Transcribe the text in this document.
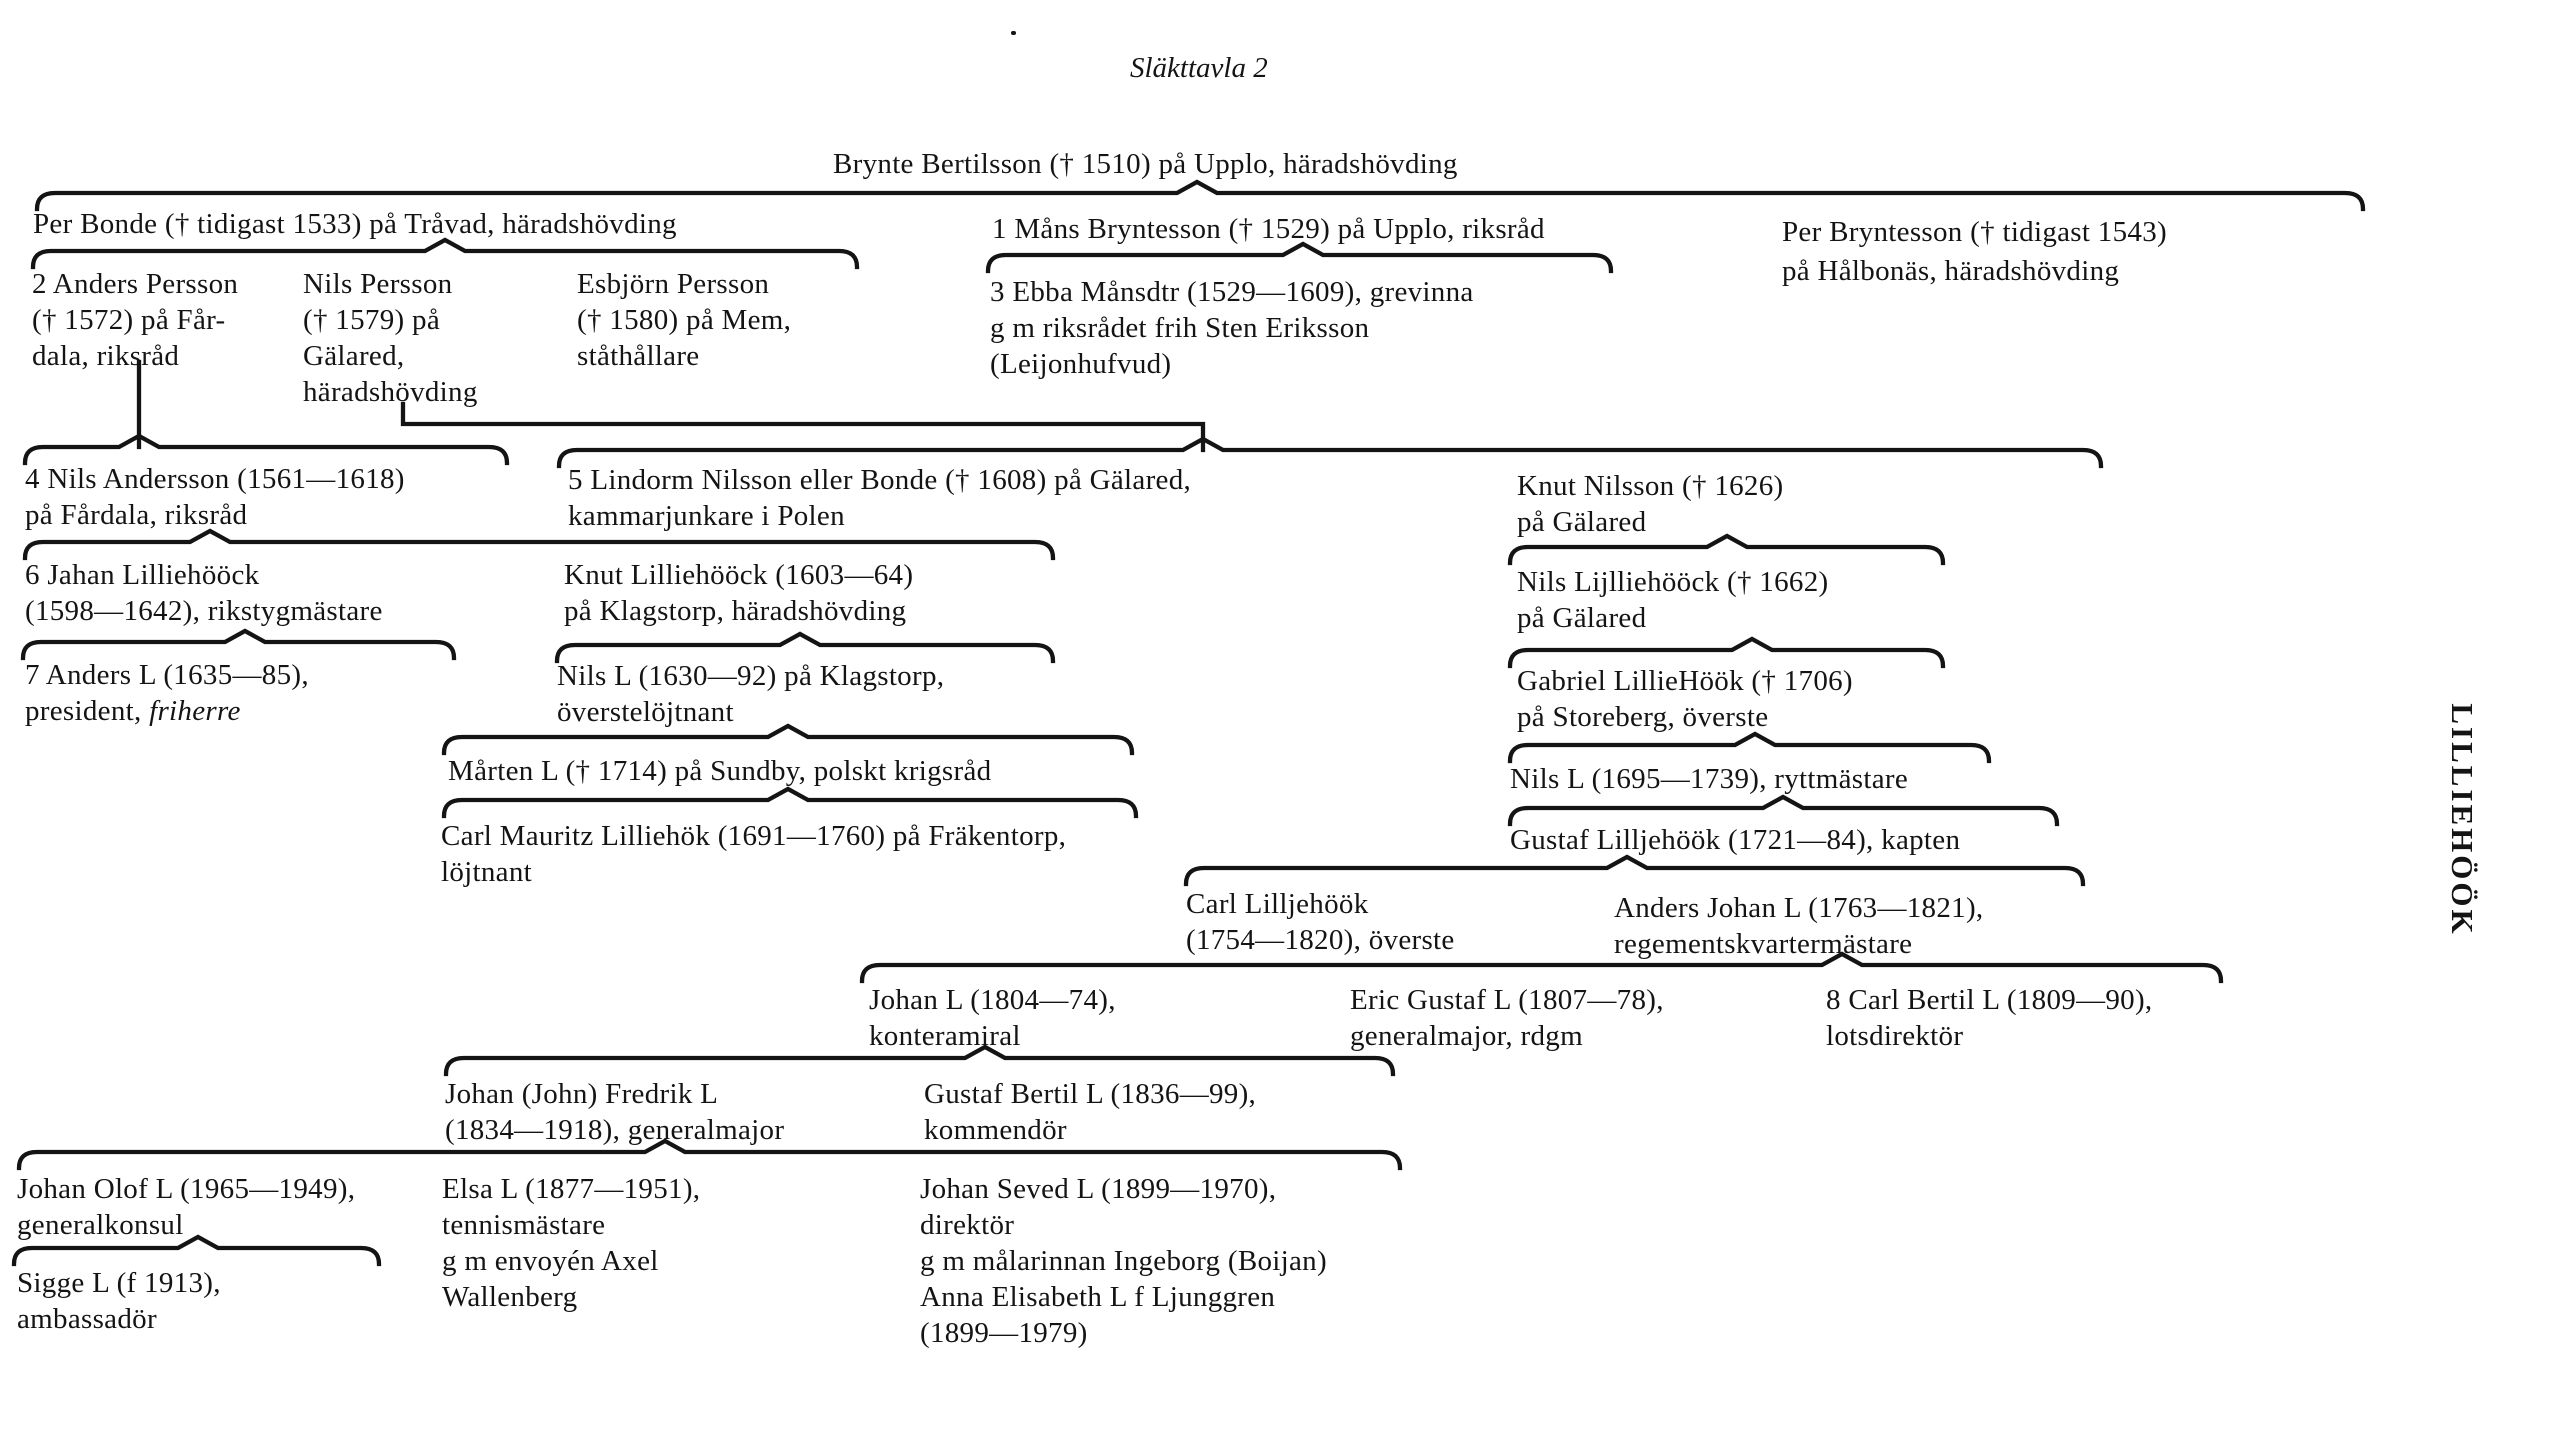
Släkttavla 2
Brynte Bertilsson († 1510) på Upplo, häradshövding
Per Bonde († tidigast 1533) på Tråvad, häradshövding	1 Måns Bryntesson († 1529) på Upplo, riksråd	Per Bryntesson († tidigast 1543)
på Hålbonäs, häradshövding
2 Anders Persson
(† 1572) på Får-
dala, riksråd
Nils Persson
(† 1579) på
Gälared,
häradshövding
Esbjörn Persson
(† 1580) på Mem,
ståthållare
3 Ebba Månsdtr (1529—1609), grevinna
g m riksrådet frih Sten Eriksson
(Leijonhufvud)
4 Nils Andersson (1561—1618)
på Fårdala, riksråd
5 Lindorm Nilsson eller Bonde († 1608) på Gälared,
kammarjunkare i Polen
Knut Nilsson († 1626)
på Gälared
6 Jahan Lilliehööck
(1598—1642), rikstygmästare
Knut Lilliehööck (1603—64)
på Klagstorp, häradshövding
Nils Lijlliehööck († 1662)
på Gälared
7 Anders L (1635—85),
president, friherre
Nils L (1630—92) på Klagstorp,
överstelöjtnant
Gabriel LillieHöök († 1706)
på Storeberg, överste
Mårten L († 1714) på Sundby, polskt krigsråd	Nils L (1695—1739), ryttmästare
Carl Mauritz Lilliehök (1691—1760) på Fräkentorp,
löjtnant
Gustaf Lilljehöök (1721—84), kapten
Carl Lilljehöök
(1754—1820), överste
Anders Johan L (1763—1821),
regementskvartermästare
Johan L (1804—74),
konteramiral
Eric Gustaf L (1807—78),
generalmajor, rdgm
8 Carl Bertil L (1809—90),
lotsdirektör
Johan (John) Fredrik L
(1834—1918), generalmajor
Gustaf Bertil L (1836—99),
kommendör
Johan Olof L (1965—1949),
generalkonsul
Elsa L (1877—1951),
tennismästare
g m envoyén Axel
Wallenberg
Johan Seved L (1899—1970),
direktör
g m målarinnan Ingeborg (Boijan)
Anna Elisabeth L f Ljunggren
(1899—1979)
Sigge L (f 1913),
ambassadör
LILLIEHÖÖK
